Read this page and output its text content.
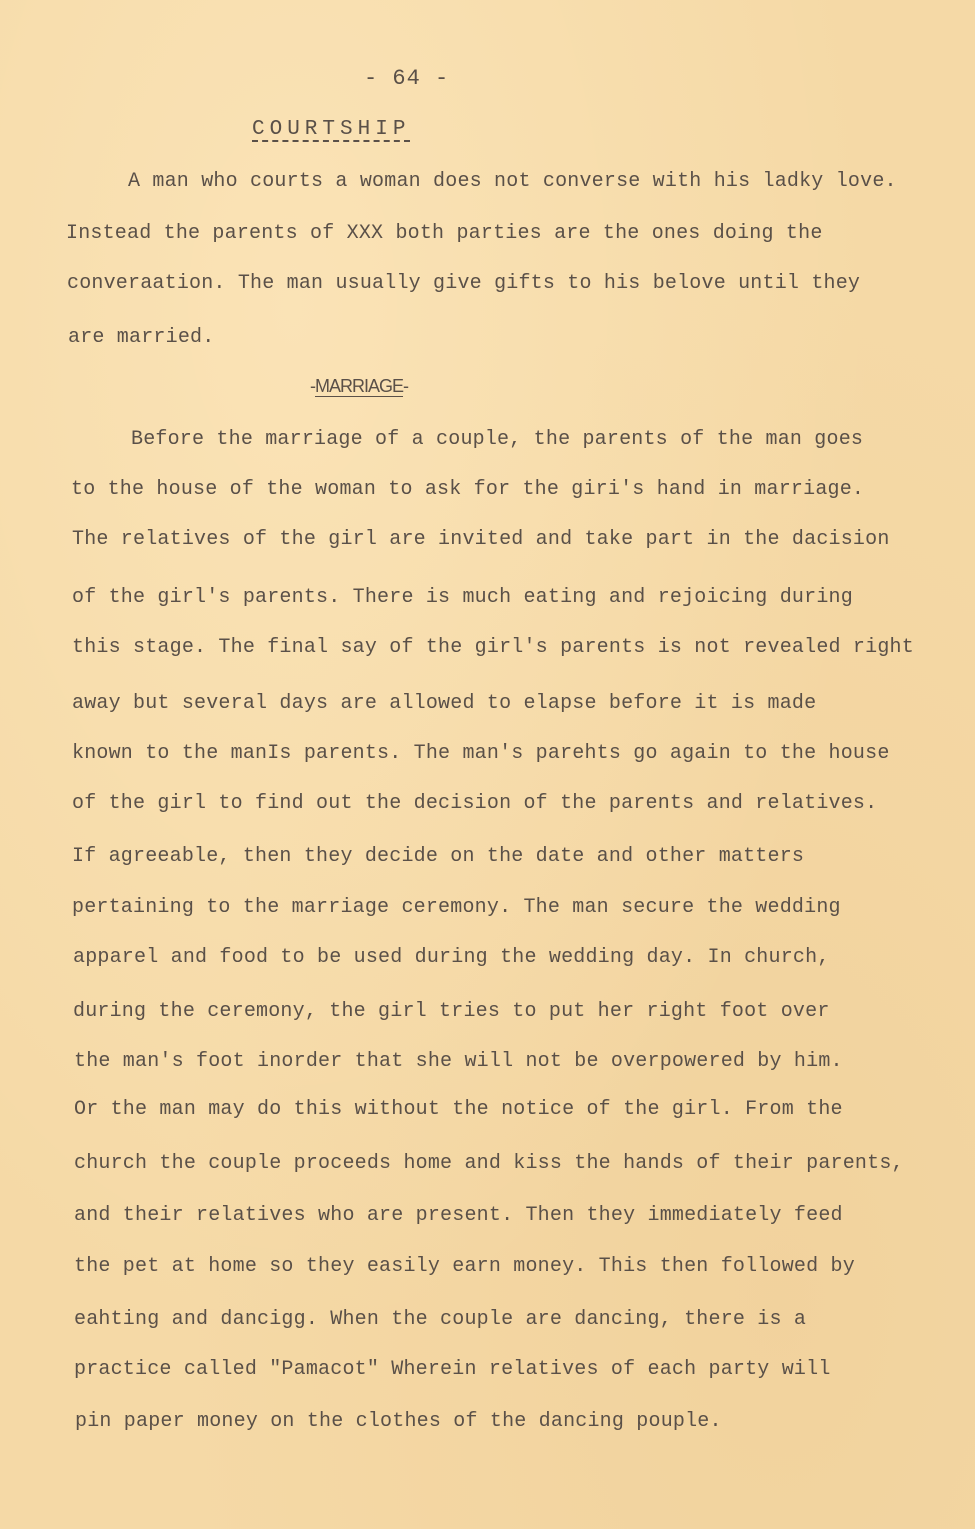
- 64 -
COURTSHIP
A man who courts a woman does not converse with his ladky love.
Instead the parents of XXX both parties are the ones doing the
converaation. The man usually give gifts to his belove until they
are married.
-MARRIAGE-
Before the marriage of a couple, the parents of the man goes
to the house of the woman to ask for the giri's hand in marriage.
The relatives of the girl are invited and take part in the dacision
of the girl's parents. There is much eating and rejoicing during
this stage. The final say of the girl's parents is not revealed right
away but several days are allowed to elapse before it is made
known to the manIs parents. The man's parehts go again to the house
of the girl to find out the decision of the parents and relatives.
If agreeable, then they decide on the date and other matters
pertaining to the marriage ceremony. The man secure the wedding
apparel and food to be used during the wedding day. In church,
during the ceremony, the girl tries to put her right foot over
the man's foot inorder that she will not be overpowered by him.
Or the man may do this without the notice of the girl. From the
church the couple proceeds home and kiss the hands of their parents,
and their relatives who are present. Then they immediately feed
the pet at home so they easily earn money. This then followed by
eahting and dancigg. When the couple are dancing, there is a
practice called "Pamacot" Wherein relatives of each party will
pin paper money on the clothes of the dancing pouple.
